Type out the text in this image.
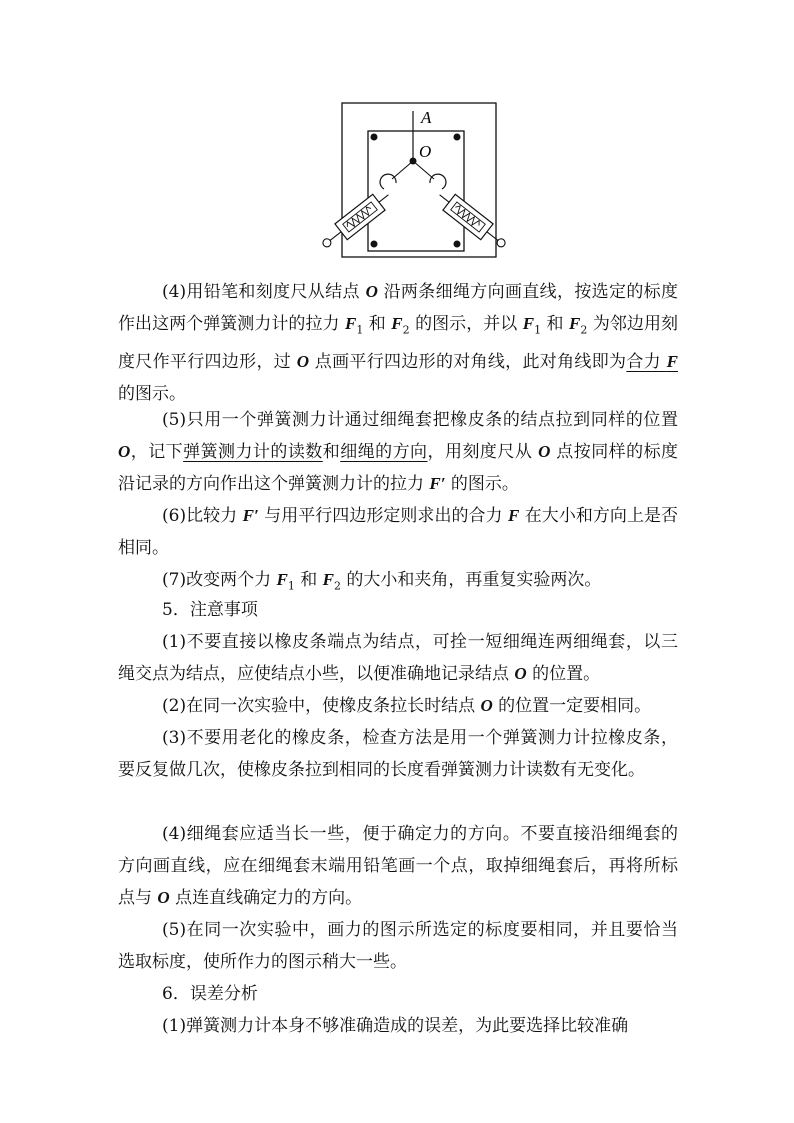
A
O

(4)用铅笔和刻度尺从结点 O 沿两条细绳方向画直线，按选定的标度作出这两个弹簧测力计的拉力 $F_1$ 和 $F_2$ 的图示，并以 $F_1$ 和 $F_2$ 为邻边用刻度尺作平行四边形，过 O 点画平行四边形的对角线，此对角线即为合力 F 的图示。

(5)只用一个弹簧测力计通过细绳套把橡皮条的结点拉到同样的位置 O，记下弹簧测力计的读数和细绳的方向，用刻度尺从 O 点按同样的标度沿记录的方向作出这个弹簧测力计的拉力 F′ 的图示。

(6)比较力 F′ 与用平行四边形定则求出的合力 F 在大小和方向上是否相同。

(7)改变两个力 $F_1$ 和 $F_2$ 的大小和夹角，再重复实验两次。

5．注意事项

(1)不要直接以橡皮条端点为结点，可拴一短细绳连两细绳套，以三绳交点为结点，应使结点小些，以便准确地记录结点 O 的位置。

(2)在同一次实验中，使橡皮条拉长时结点 O 的位置一定要相同。

(3)不要用老化的橡皮条，检查方法是用一个弹簧测力计拉橡皮条，要反复做几次，使橡皮条拉到相同的长度看弹簧测力计读数有无变化。

(4)细绳套应适当长一些，便于确定力的方向。不要直接沿细绳套的方向画直线，应在细绳套末端用铅笔画一个点，取掉细绳套后，再将所标点与 O 点连直线确定力的方向。

(5)在同一次实验中，画力的图示所选定的标度要相同，并且要恰当选取标度，使所作力的图示稍大一些。

6．误差分析

(1)弹簧测力计本身不够准确造成的误差，为此要选择比较准确
